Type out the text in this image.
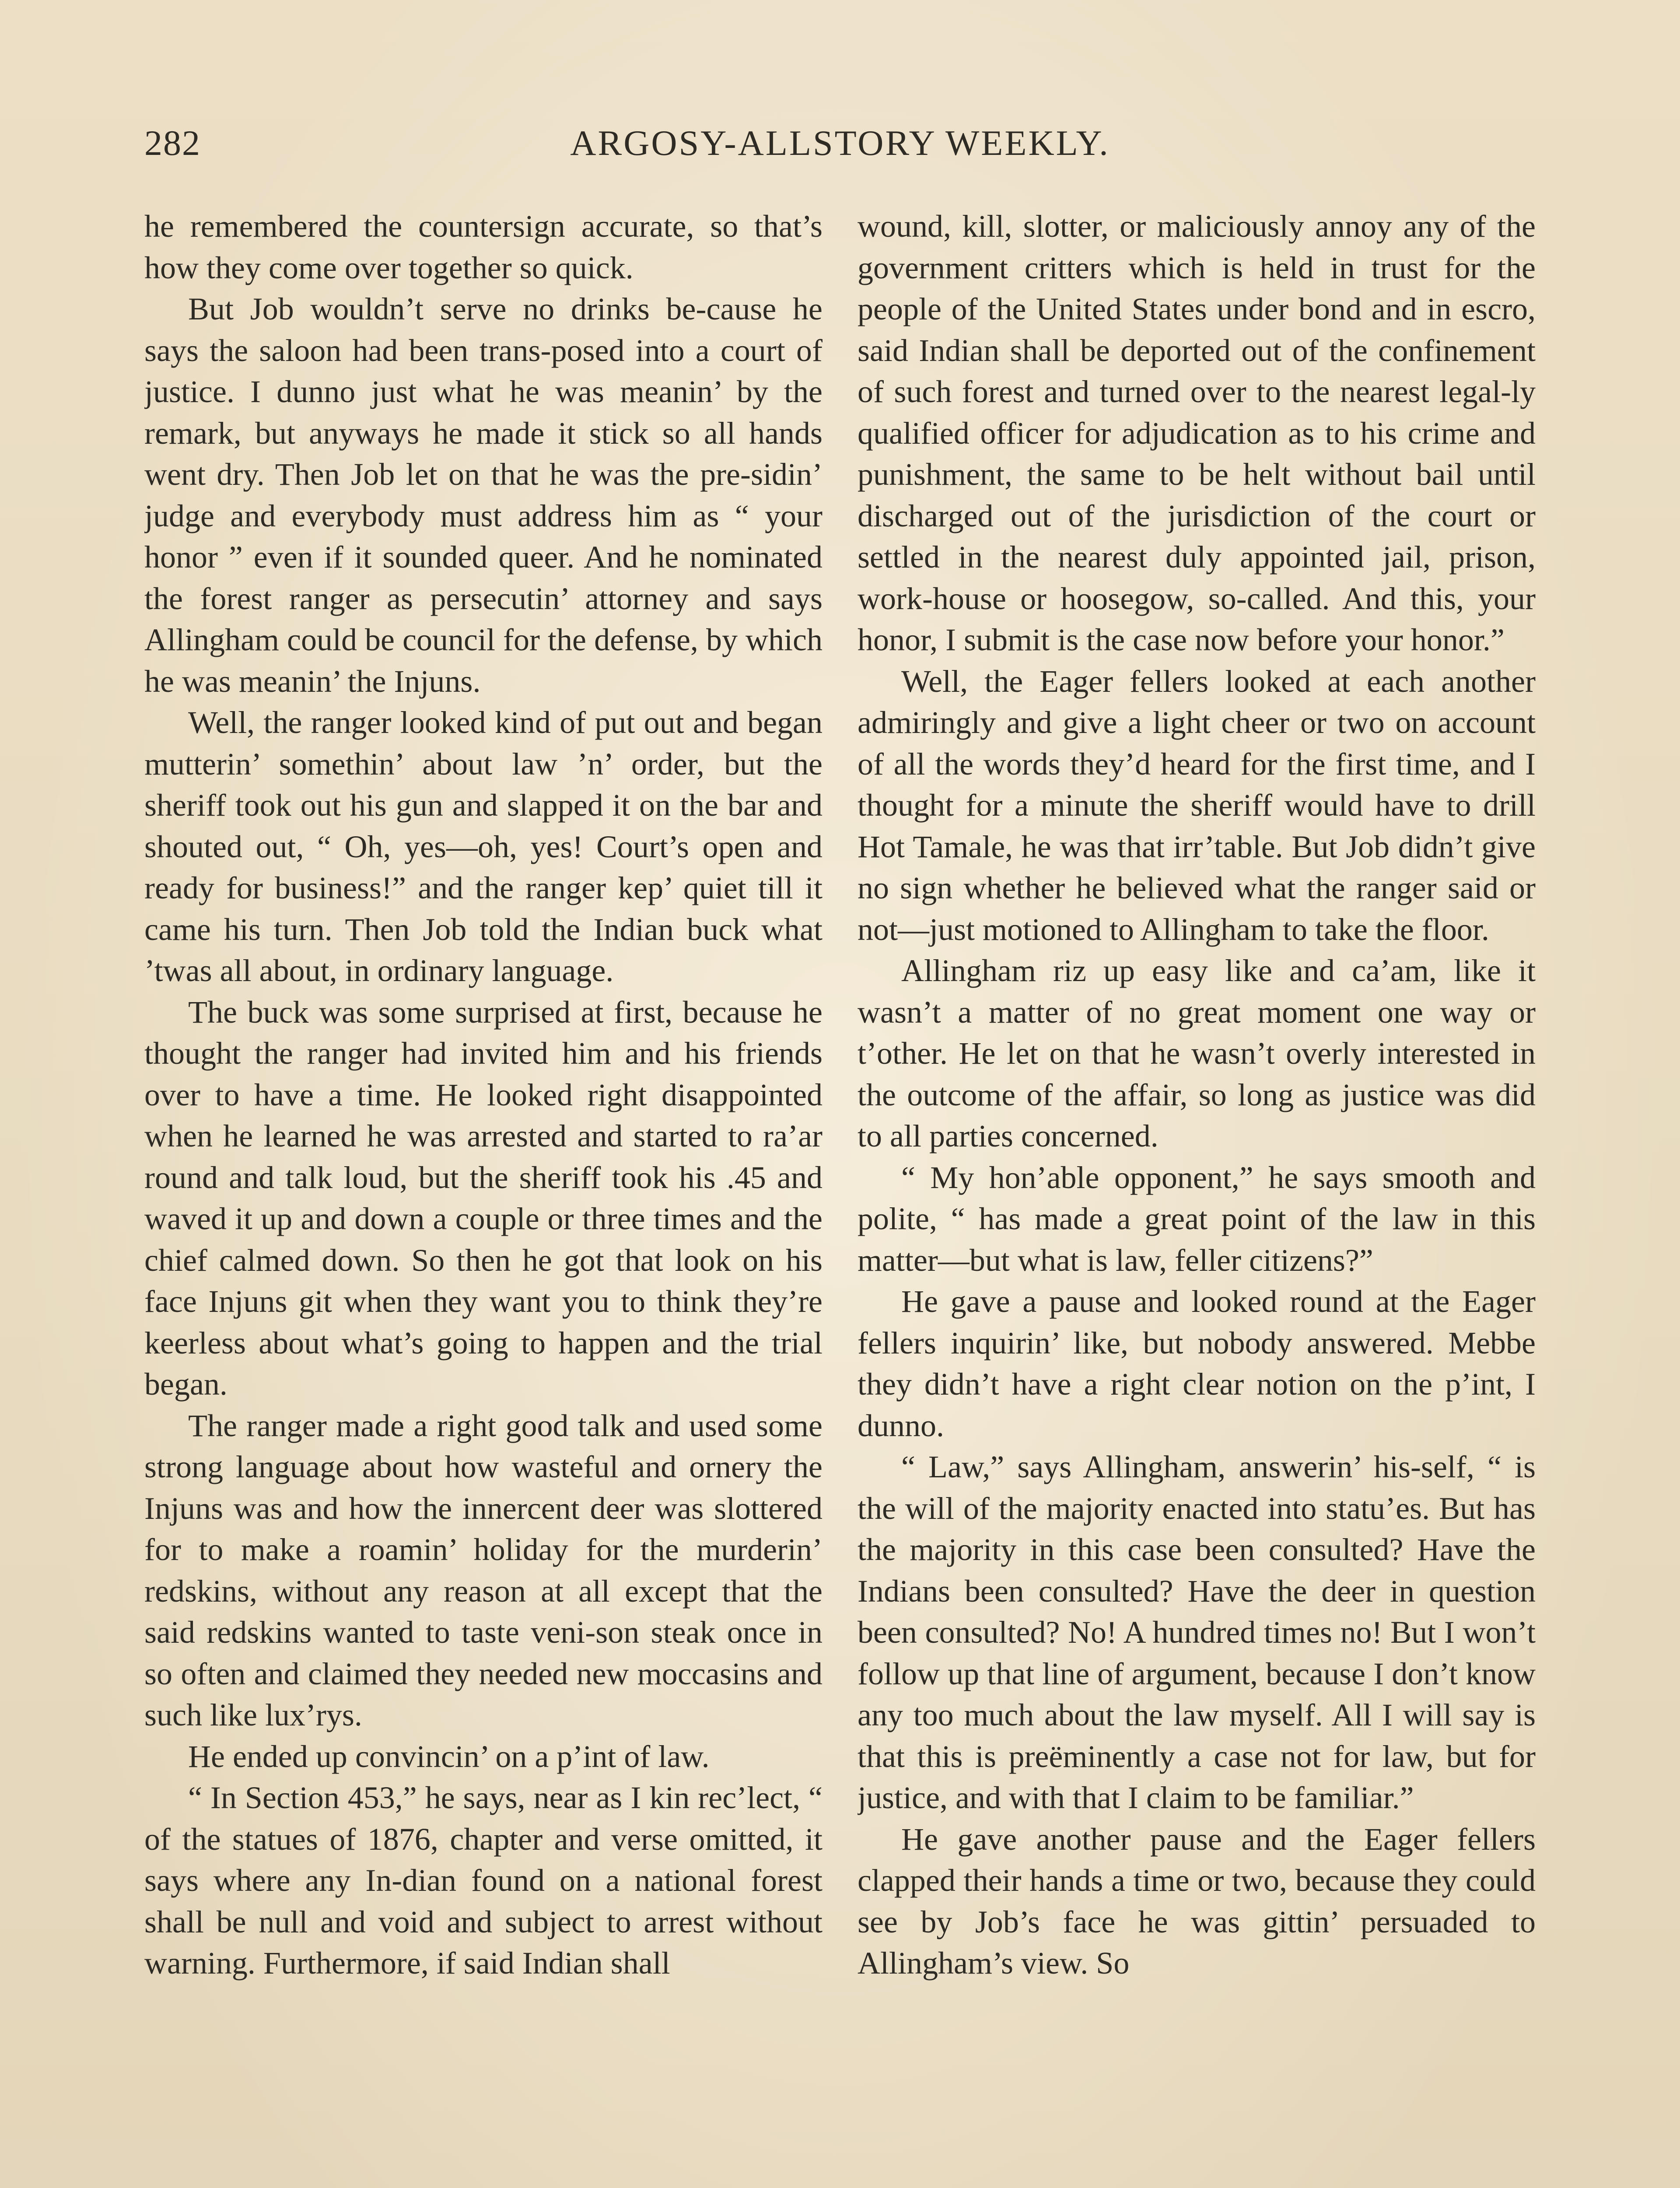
282	ARGOSY-ALLSTORY WEEKLY.

he remembered the countersign accurate, so that’s how they come over together so quick.

But Job wouldn’t serve no drinks be-cause he says the saloon had been trans-posed into a court of justice. I dunno just what he was meanin’ by the remark, but anyways he made it stick so all hands went dry. Then Job let on that he was the pre-sidin’ judge and everybody must address him as “ your honor ” even if it sounded queer. And he nominated the forest ranger as persecutin’ attorney and says Allingham could be council for the defense, by which he was meanin’ the Injuns.

Well, the ranger looked kind of put out and began mutterin’ somethin’ about law ’n’ order, but the sheriff took out his gun and slapped it on the bar and shouted out, “ Oh, yes—oh, yes! Court’s open and ready for business!” and the ranger kep’ quiet till it came his turn. Then Job told the Indian buck what ’twas all about, in ordinary language.

The buck was some surprised at first, because he thought the ranger had invited him and his friends over to have a time. He looked right disappointed when he learned he was arrested and started to ra’ar round and talk loud, but the sheriff took his .45 and waved it up and down a couple or three times and the chief calmed down. So then he got that look on his face Injuns git when they want you to think they’re keerless about what’s going to happen and the trial began.

The ranger made a right good talk and used some strong language about how wasteful and ornery the Injuns was and how the innercent deer was slottered for to make a roamin’ holiday for the murderin’ redskins, without any reason at all except that the said redskins wanted to taste veni-son steak once in so often and claimed they needed new moccasins and such like lux’rys.

He ended up convincin’ on a p’int of law.

“ In Section 453,” he says, near as I kin rec’lect, “ of the statues of 1876, chapter and verse omitted, it says where any In-dian found on a national forest shall be null and void and subject to arrest without warning. Furthermore, if said Indian shall

wound, kill, slotter, or maliciously annoy any of the government critters which is held in trust for the people of the United States under bond and in escro, said Indian shall be deported out of the confinement of such forest and turned over to the nearest legal-ly qualified officer for adjudication as to his crime and punishment, the same to be helt without bail until discharged out of the jurisdiction of the court or settled in the nearest duly appointed jail, prison, work-house or hoosegow, so-called. And this, your honor, I submit is the case now before your honor.”

Well, the Eager fellers looked at each another admiringly and give a light cheer or two on account of all the words they’d heard for the first time, and I thought for a minute the sheriff would have to drill Hot Tamale, he was that irr’table. But Job didn’t give no sign whether he believed what the ranger said or not—just motioned to Allingham to take the floor.

Allingham riz up easy like and ca’am, like it wasn’t a matter of no great moment one way or t’other. He let on that he wasn’t overly interested in the outcome of the affair, so long as justice was did to all parties concerned.

“ My hon’able opponent,” he says smooth and polite, “ has made a great point of the law in this matter—but what is law, feller citizens?”

He gave a pause and looked round at the Eager fellers inquirin’ like, but nobody answered. Mebbe they didn’t have a right clear notion on the p’int, I dunno.

“ Law,” says Allingham, answerin’ his-self, “ is the will of the majority enacted into statu’es. But has the majority in this case been consulted? Have the Indians been consulted? Have the deer in question been consulted? No! A hundred times no! But I won’t follow up that line of argument, because I don’t know any too much about the law myself. All I will say is that this is preëminently a case not for law, but for justice, and with that I claim to be familiar.”

He gave another pause and the Eager fellers clapped their hands a time or two, because they could see by Job’s face he was gittin’ persuaded to Allingham’s view. So
